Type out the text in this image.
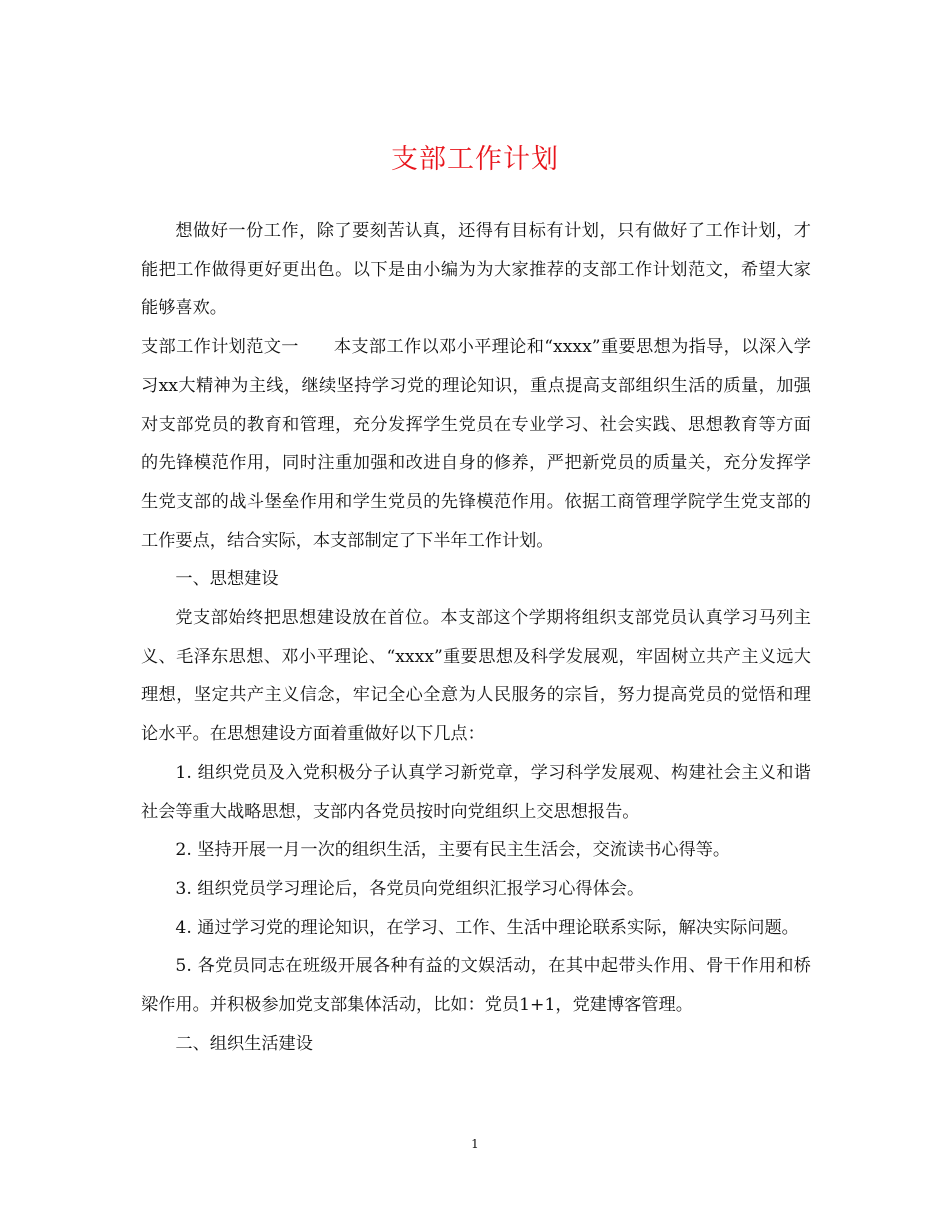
支部工作计划

想做好一份工作，除了要刻苦认真，还得有目标有计划，只有做好了工作计划，才能把工作做得更好更出色。以下是由小编为为大家推荐的支部工作计划范文，希望大家能够喜欢。

支部工作计划范文一　　本支部工作以邓小平理论和“xxxx”重要思想为指导，以深入学习xx大精神为主线，继续坚持学习党的理论知识，重点提高支部组织生活的质量，加强对支部党员的教育和管理，充分发挥学生党员在专业学习、社会实践、思想教育等方面的先锋模范作用，同时注重加强和改进自身的修养，严把新党员的质量关，充分发挥学生党支部的战斗堡垒作用和学生党员的先锋模范作用。依据工商管理学院学生党支部的工作要点，结合实际，本支部制定了下半年工作计划。

一、思想建设

党支部始终把思想建设放在首位。本支部这个学期将组织支部党员认真学习马列主义、毛泽东思想、邓小平理论、“xxxx”重要思想及科学发展观，牢固树立共产主义远大理想，坚定共产主义信念，牢记全心全意为人民服务的宗旨，努力提高党员的觉悟和理论水平。在思想建设方面着重做好以下几点：

1. 组织党员及入党积极分子认真学习新党章，学习科学发展观、构建社会主义和谐社会等重大战略思想，支部内各党员按时向党组织上交思想报告。

2. 坚持开展一月一次的组织生活，主要有民主生活会，交流读书心得等。

3. 组织党员学习理论后，各党员向党组织汇报学习心得体会。

4. 通过学习党的理论知识，在学习、工作、生活中理论联系实际，解决实际问题。

5. 各党员同志在班级开展各种有益的文娱活动，在其中起带头作用、骨干作用和桥梁作用。并积极参加党支部集体活动，比如：党员1+1，党建博客管理。

二、组织生活建设

1
